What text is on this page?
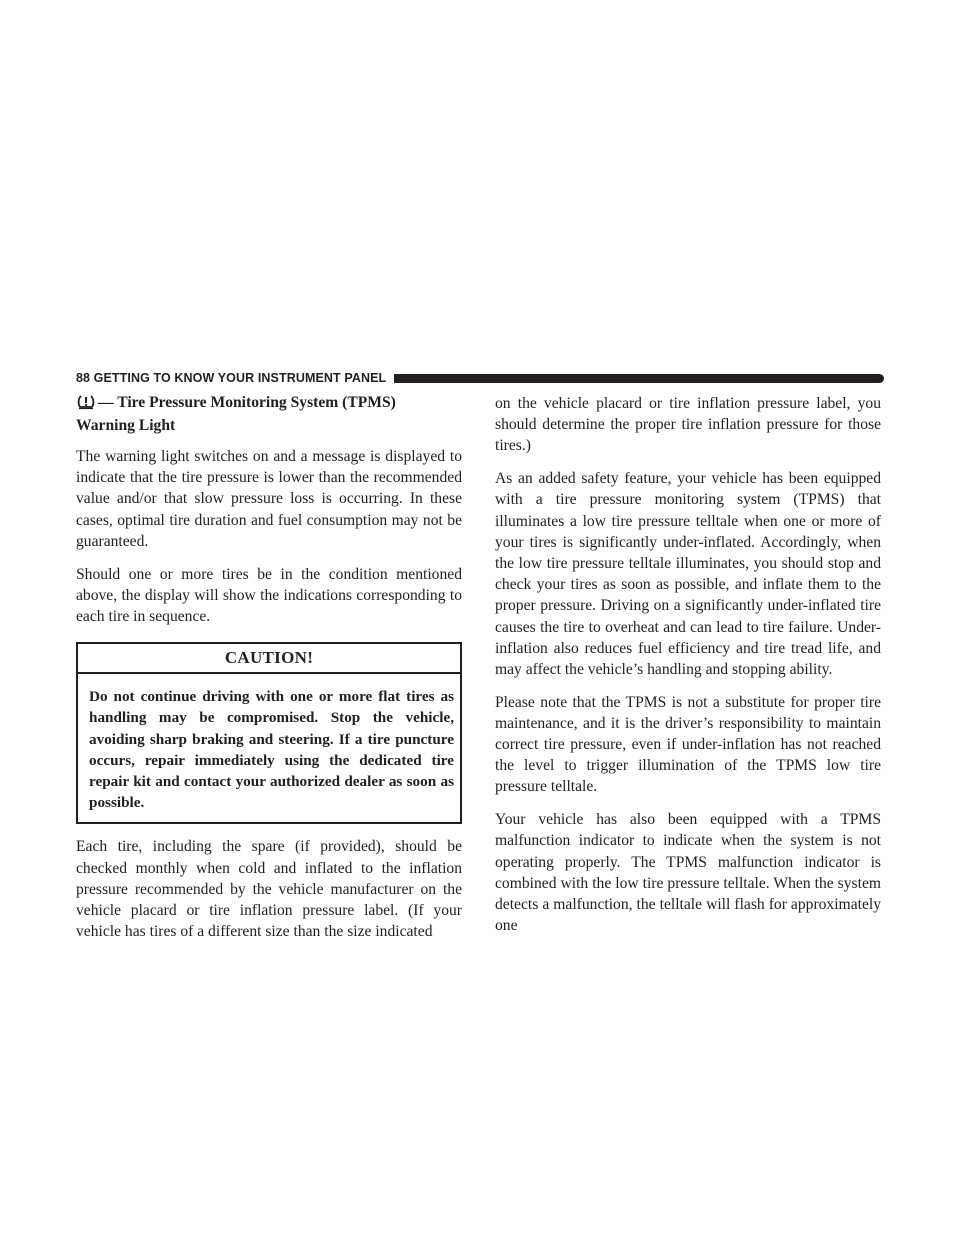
88 GETTING TO KNOW YOUR INSTRUMENT PANEL
— Tire Pressure Monitoring System (TPMS)
Warning Light

The warning light switches on and a message is displayed to indicate that the tire pressure is lower than the recommended value and/or that slow pressure loss is occurring. In these cases, optimal tire duration and fuel consumption may not be guaranteed.

Should one or more tires be in the condition mentioned above, the display will show the indications corresponding to each tire in sequence.

CAUTION!
Do not continue driving with one or more flat tires as handling may be compromised. Stop the vehicle, avoiding sharp braking and steering. If a tire puncture occurs, repair immediately using the dedicated tire repair kit and contact your authorized dealer as soon as possible.

Each tire, including the spare (if provided), should be checked monthly when cold and inflated to the inflation pressure recommended by the vehicle manufacturer on the vehicle placard or tire inflation pressure label. (If your vehicle has tires of a different size than the size indicated

on the vehicle placard or tire inflation pressure label, you should determine the proper tire inflation pressure for those tires.)

As an added safety feature, your vehicle has been equipped with a tire pressure monitoring system (TPMS) that illuminates a low tire pressure telltale when one or more of your tires is significantly under-inflated. Accordingly, when the low tire pressure telltale illuminates, you should stop and check your tires as soon as possible, and inflate them to the proper pressure. Driving on a significantly under-inflated tire causes the tire to overheat and can lead to tire failure. Under-inflation also reduces fuel efficiency and tire tread life, and may affect the vehicle’s handling and stopping ability.

Please note that the TPMS is not a substitute for proper tire maintenance, and it is the driver’s responsibility to maintain correct tire pressure, even if under-inflation has not reached the level to trigger illumination of the TPMS low tire pressure telltale.

Your vehicle has also been equipped with a TPMS malfunction indicator to indicate when the system is not operating properly. The TPMS malfunction indicator is combined with the low tire pressure telltale. When the system detects a malfunction, the telltale will flash for approximately one
